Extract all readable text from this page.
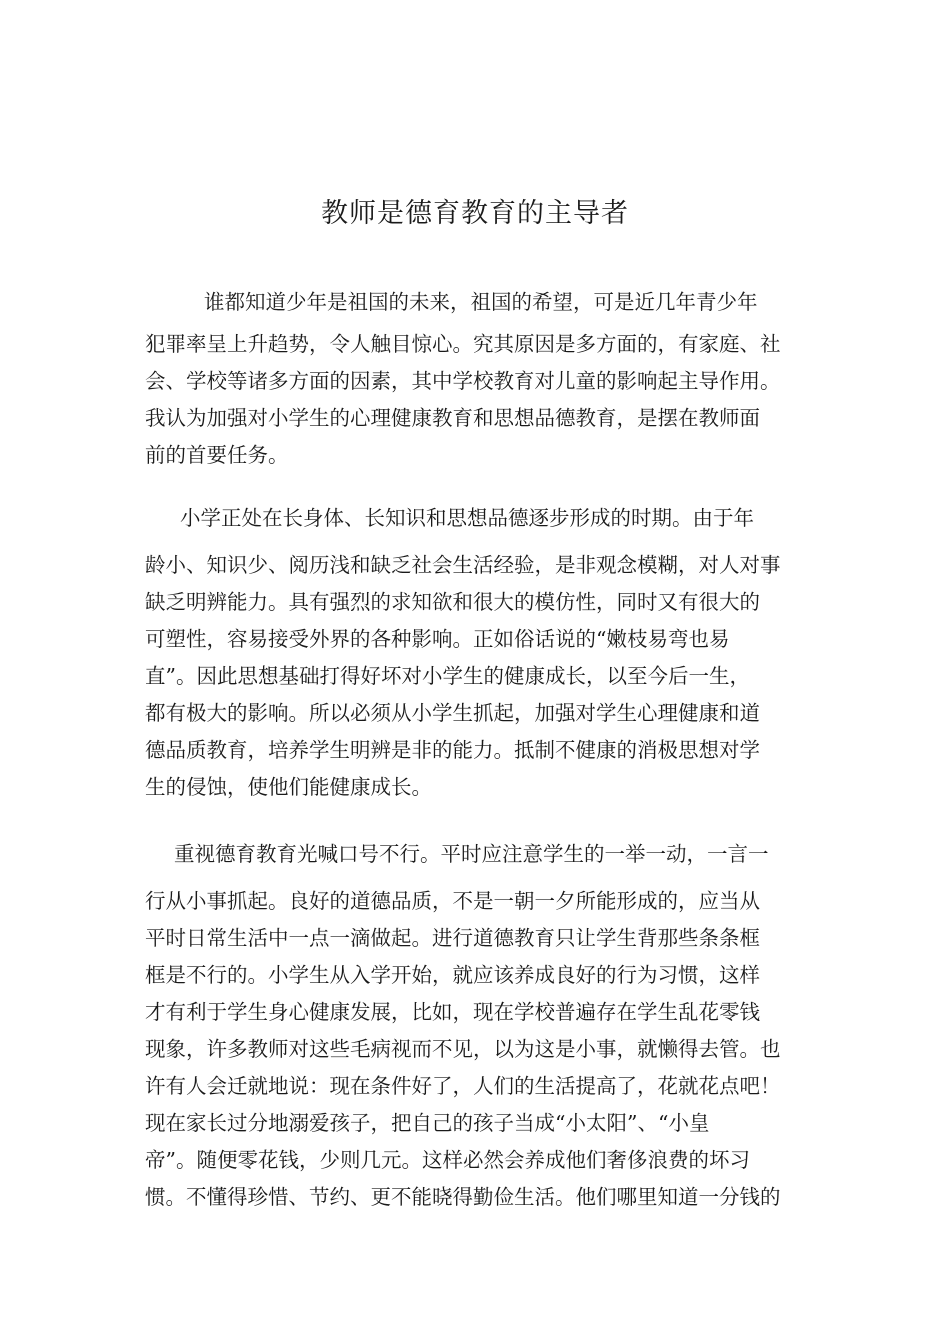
教师是德育教育的主导者

谁都知道少年是祖国的未来，祖国的希望，可是近几年青少年

犯罪率呈上升趋势，令人触目惊心。究其原因是多方面的，有家庭、社

会、学校等诸多方面的因素，其中学校教育对儿童的影响起主导作用。

我认为加强对小学生的心理健康教育和思想品德教育，是摆在教师面

前的首要任务。

小学正处在长身体、长知识和思想品德逐步形成的时期。由于年

龄小、知识少、阅历浅和缺乏社会生活经验，是非观念模糊，对人对事

缺乏明辨能力。具有强烈的求知欲和很大的模仿性，同时又有很大的

可塑性，容易接受外界的各种影响。正如俗话说的“嫩枝易弯也易

直”。因此思想基础打得好坏对小学生的健康成长，以至今后一生，

都有极大的影响。所以必须从小学生抓起，加强对学生心理健康和道

德品质教育，培养学生明辨是非的能力。抵制不健康的消极思想对学

生的侵蚀，使他们能健康成长。

重视德育教育光喊口号不行。平时应注意学生的一举一动，一言一

行从小事抓起。良好的道德品质，不是一朝一夕所能形成的，应当从

平时日常生活中一点一滴做起。进行道德教育只让学生背那些条条框

框是不行的。小学生从入学开始，就应该养成良好的行为习惯，这样

才有利于学生身心健康发展，比如，现在学校普遍存在学生乱花零钱

现象，许多教师对这些毛病视而不见，以为这是小事，就懒得去管。也

许有人会迁就地说：现在条件好了，人们的生活提高了，花就花点吧！

现在家长过分地溺爱孩子，把自己的孩子当成“小太阳”、“小皇

帝”。随便零花钱，少则几元。这样必然会养成他们奢侈浪费的坏习

惯。不懂得珍惜、节约、更不能晓得勤俭生活。他们哪里知道一分钱的
